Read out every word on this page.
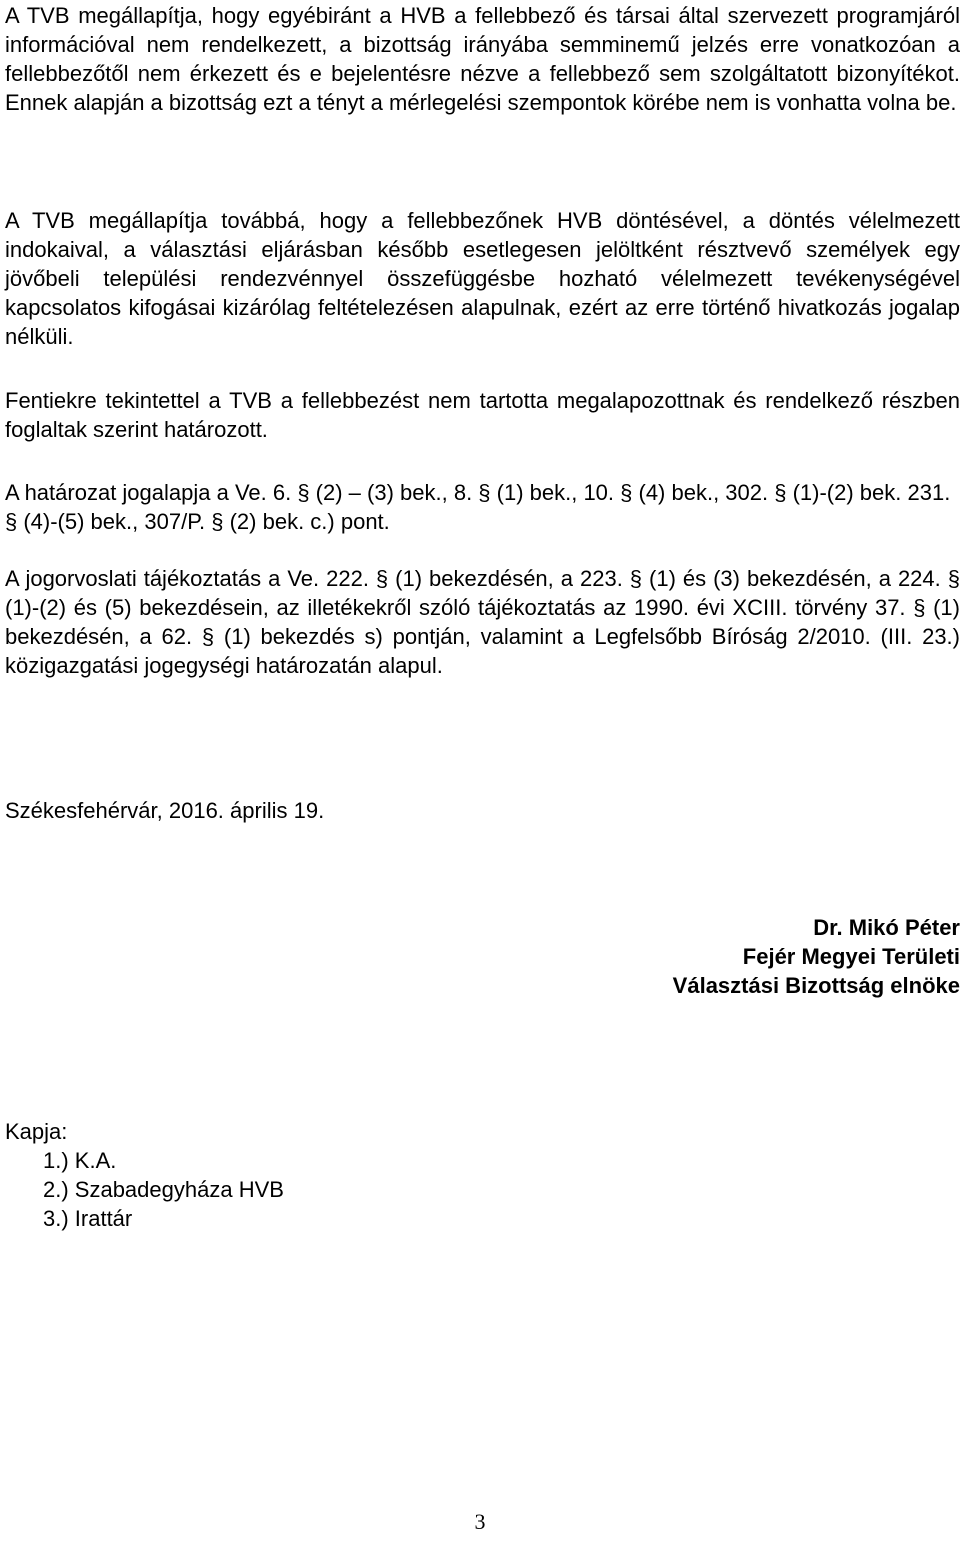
A TVB megállapítja, hogy egyébiránt a HVB a fellebbező és társai által szervezett programjáról információval nem rendelkezett, a bizottság irányába semminemű jelzés erre vonatkozóan a fellebbezőtől nem érkezett és e bejelentésre nézve a fellebbező sem szolgáltatott bizonyítékot. Ennek alapján a bizottság ezt a tényt a mérlegelési szempontok körébe nem is vonhatta volna be.

A TVB megállapítja továbbá, hogy a fellebbezőnek HVB döntésével, a döntés vélelmezett indokaival, a választási eljárásban később esetlegesen jelöltként résztvevő személyek egy jövőbeli települési rendezvénnyel összefüggésbe hozható vélelmezett tevékenységével kapcsolatos kifogásai kizárólag feltételezésen alapulnak, ezért az erre történő hivatkozás jogalap nélküli.

Fentiekre tekintettel a TVB a fellebbezést nem tartotta megalapozottnak és rendelkező részben foglaltak szerint határozott.

A határozat jogalapja a Ve. 6. § (2) – (3) bek., 8. § (1) bek., 10. § (4) bek., 302. § (1)-(2) bek. 231. § (4)-(5) bek., 307/P. § (2) bek. c.) pont.

A jogorvoslati tájékoztatás a Ve. 222. § (1) bekezdésén, a 223. § (1) és (3) bekezdésén, a 224. § (1)-(2) és (5) bekezdésein, az illetékekről szóló tájékoztatás az 1990. évi XCIII. törvény 37. § (1) bekezdésén, a 62. § (1) bekezdés s) pontján, valamint a Legfelsőbb Bíróság 2/2010. (III. 23.) közigazgatási jogegységi határozatán alapul.

Székesfehérvár, 2016. április 19.

Dr. Mikó Péter
Fejér Megyei Területi
Választási Bizottság elnöke
Kapja:
1.) K.A.
2.) Szabadegyháza HVB
3.) Irattár
3
